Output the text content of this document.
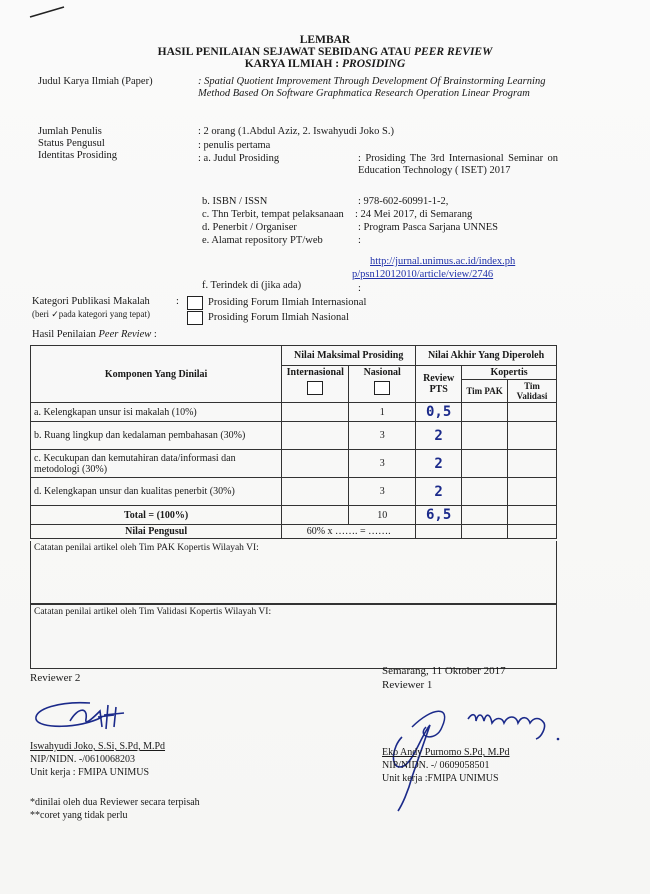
LEMBAR
HASIL PENILAIAN SEJAWAT SEBIDANG ATAU PEER REVIEW
KARYA ILMIAH : PROSIDING
Judul Karya Ilmiah (Paper)	: Spatial Quotient Improvement Through Development Of Brainstorming Learning Method Based On Software Graphmatica Research Operation Linear Program
Jumlah Penulis	: 2 orang (1.Abdul Aziz, 2. Iswahyudi Joko S.)
Status Pengusul	: penulis pertama
Identitas Prosiding	: a. Judul Prosiding	: Prosiding The 3rd Internasional Seminar on Education Technology ( ISET) 2017
b. ISBN / ISSN	: 978-602-60991-1-2,
c. Thn Terbit, tempat pelaksanaan : 24 Mei 2017, di Semarang
d. Penerbit / Organiser	: Program Pasca Sarjana UNNES
e. Alamat repository PT/web	:
http://jurnal.unimus.ac.id/index.ph
p/psn12012010/article/view/2746
f. Terindek di (jika ada)	:
Kategori Publikasi Makalah :
(beri ✓pada kategori yang tepat)
Prosiding Forum Ilmiah Internasional
Prosiding Forum Ilmiah Nasional
Hasil Penilaian Peer Review :
Komponen Yang Dinilai	Nilai Maksimal Prosiding		Nilai Akhir Yang Diperoleh		

	Internasional	Nasional	Review PTS	Kopertis	
				Tim PAK	Tim Validasi
a. Kelengkapan unsur isi makalah (10%)		1	0,5		
b. Ruang lingkup dan kedalaman pembahasan (30%)		3	2		
c. Kecukupan dan kemutahiran data/informasi dan metodologi (30%)		3	2		
d. Kelengkapan unsur dan kualitas penerbit (30%)		3	2		
Total = (100%)		10	6,5		
Nilai Pengusul	60% x ……. = …….				
Catatan penilai artikel oleh Tim PAK Kopertis Wilayah VI:
Catatan penilai artikel oleh Tim Validasi Kopertis Wilayah VI:
Reviewer 2
Iswahyudi Joko, S.Si, S.Pd, M.Pd
NIP/NIDN. -/0610068203
Unit kerja : FMIPA UNIMUS
Semarang, 11 Oktober 2017
Reviewer 1
Eko Andy Purnomo S.Pd, M.Pd
NIP/NIDN. -/ 0609058501
Unit kerja :FMIPA UNIMUS
*dinilai oleh dua Reviewer secara terpisah
**coret yang tidak perlu
